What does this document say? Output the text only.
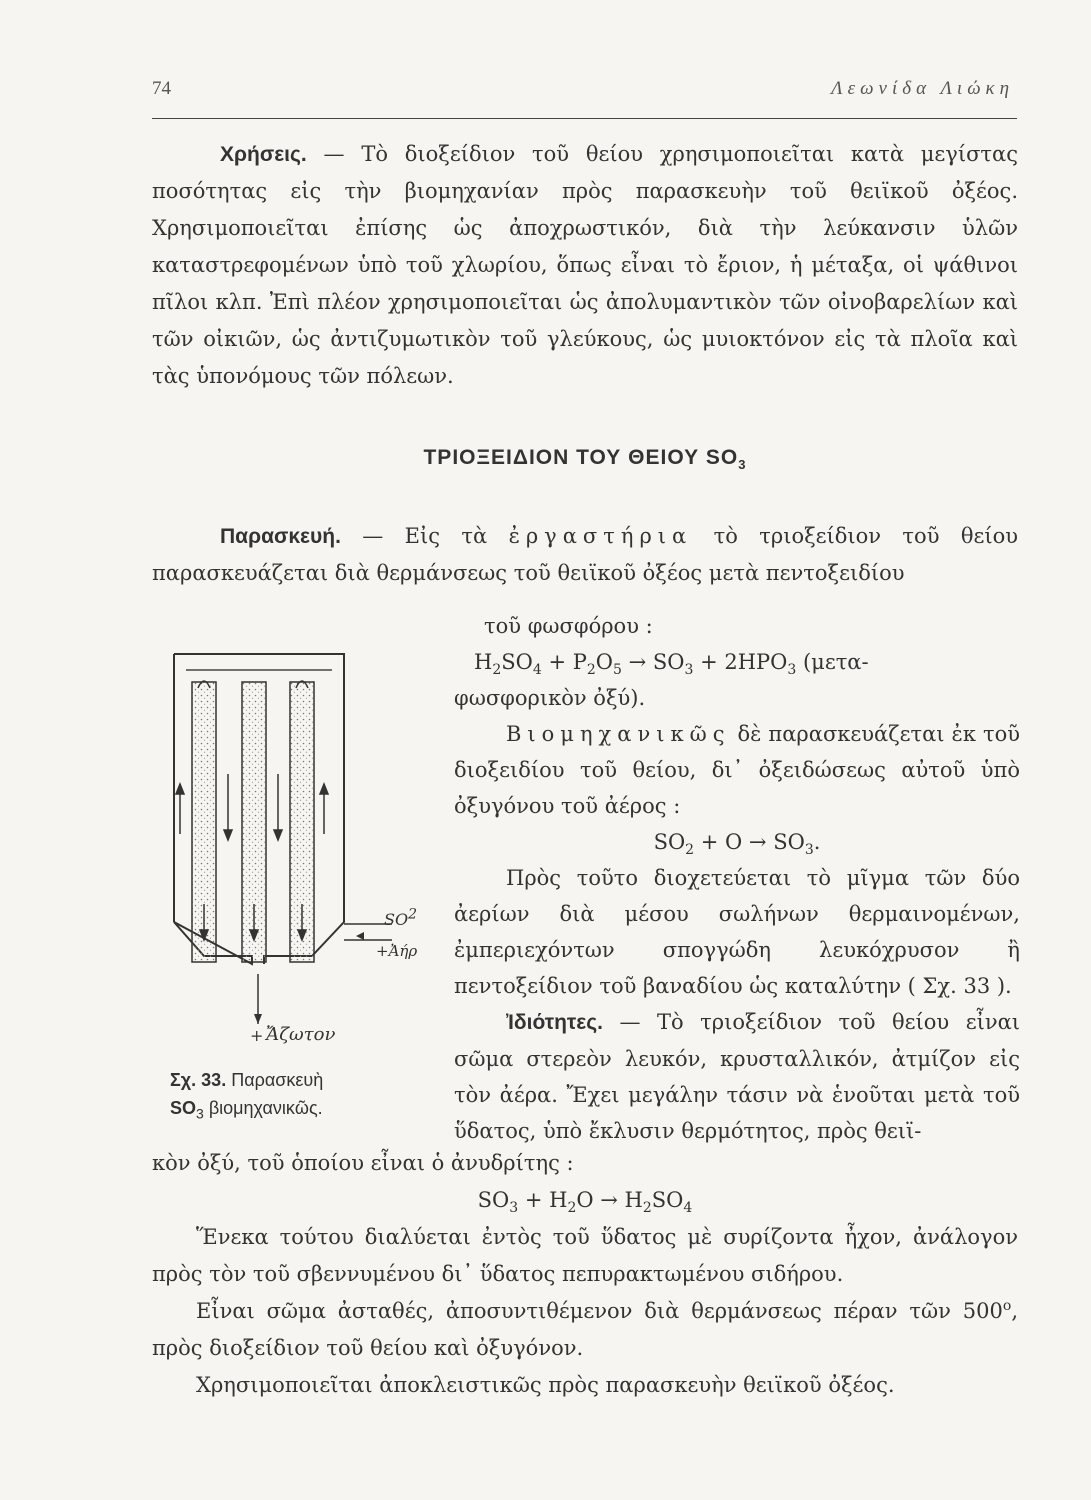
74	Λεωνίδα Λιώκη

Χρήσεις. — Τὸ διοξείδιον τοῦ θείου χρησιμοποιεῖται κατὰ μεγίστας ποσότητας εἰς τὴν βιομηχανίαν πρὸς παρασκευὴν τοῦ θειϊκοῦ ὀξέος. Χρησιμοποιεῖται ἐπίσης ὡς ἀποχρωστικόν, διὰ τὴν λεύκανσιν ὑλῶν καταστρεφομένων ὑπὸ τοῦ χλωρίου, ὅπως εἶναι τὸ ἔριον, ἡ μέταξα, οἱ ψάθινοι πῖλοι κλπ. Ἐπὶ πλέον χρησιμοποιεῖται ὡς ἀπολυμαντικὸν τῶν οἰνοβαρελίων καὶ τῶν οἰκιῶν, ὡς ἀντιζυμωτικὸν τοῦ γλεύκους, ὡς μυιοκτόνον εἰς τὰ πλοῖα καὶ τὰς ὑπονόμους τῶν πόλεων.

ΤΡΙΟΞΕΙΔΙΟΝ ΤΟΥ ΘΕΙΟΥ $SO_3$

Παρασκευή. — Εἰς τὰ ἐργαστήρια τὸ τριοξείδιον τοῦ θείου παρασκευάζεται διὰ θερμάνσεως τοῦ θειϊκοῦ ὀξέος μετὰ πεντοξειδίου

$SO^2$
+Ἀήρ
+ Ἄζωτον
Σχ. 33. Παρασκευὴ
$SO_3$ βιομηχανικῶς.
τοῦ φωσφόρου :
$H_2SO_4 + P_2O_5 \to SO_3 + 2HPO_3$ (μετα-
φωσφορικὸν ὀξύ).

Βιομηχανικῶς δὲ παρασκευάζεται ἐκ τοῦ διοξειδίου τοῦ θείου, δι᾿ ὀξειδώσεως αὐτοῦ ὑπὸ ὀξυγόνου τοῦ ἀέρος :

$SO_2 + O \to SO_3$.

Πρὸς τοῦτο διοχετεύεται τὸ μῖγμα τῶν δύο ἀερίων διὰ μέσου σωλήνων θερμαινομένων, ἐμπεριεχόντων σπογγώδη λευκόχρυσον ἢ πεντοξείδιον τοῦ βαναδίου ὡς καταλύτην ( Σχ. 33 ).

Ἰδιότητες. — Τὸ τριοξείδιον τοῦ θείου εἶναι σῶμα στερεὸν λευκόν, κρυσταλλικόν, ἀτμίζον εἰς τὸν ἀέρα. Ἔχει μεγάλην τάσιν νὰ ἑνοῦται μετὰ τοῦ ὕδατος, ὑπὸ ἔκλυσιν θερμότητος, πρὸς θειϊ-

κὸν ὀξύ, τοῦ ὁποίου εἶναι ὁ ἀνυδρίτης :

$SO_3 + H_2O \to H_2SO_4$

Ἕνεκα τούτου διαλύεται ἐντὸς τοῦ ὕδατος μὲ συρίζοντα ἦχον, ἀνάλογον πρὸς τὸν τοῦ σβεννυμένου δι᾿ ὕδατος πεπυρακτωμένου σιδήρου.

Εἶναι σῶμα ἀσταθές, ἀποσυντιθέμενον διὰ θερμάνσεως πέραν τῶν $500^o$, πρὸς διοξείδιον τοῦ θείου καὶ ὀξυγόνον.

Χρησιμοποιεῖται ἀποκλειστικῶς πρὸς παρασκευὴν θειϊκοῦ ὀξέος.
